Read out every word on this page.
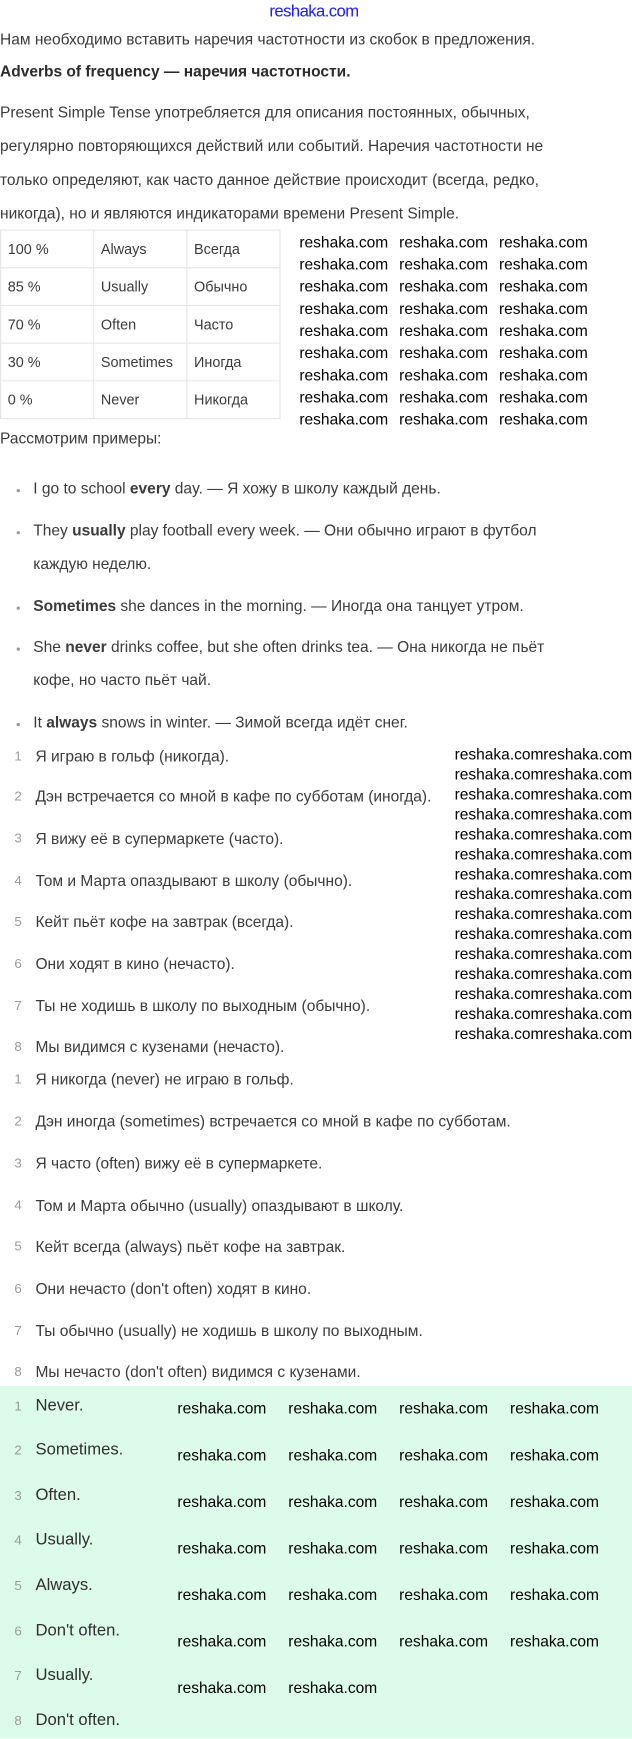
reshaka.com
Нам необходимо вставить наречия частотности из скобок в предложения.
Adverbs of frequency — наречия частотности.
Present Simple Tense употребляется для описания постоянных, обычных,
регулярно повторяющихся действий или событий. Наречия частотности не
только определяют, как часто данное действие происходит (всегда, редко,
никогда), но и являются индикаторами времени Present Simple.
100 %	Always	Всегда
85 %	Usually	Обычно
70 %	Often	Часто
30 %	Sometimes	Иногда
0 %	Never	Никогда
Рассмотрим примеры:
I go to school every day. — Я хожу в школу каждый день.
They usually play football every week. — Они обычно играют в футбол
каждую неделю.
Sometimes she dances in the morning. — Иногда она танцует утром.
She never drinks coffee, but she often drinks tea. — Она никогда не пьёт
кофе, но часто пьёт чай.
It always snows in winter. — Зимой всегда идёт снег.
1 Я играю в гольф (никогда).
2 Дэн встречается со мной в кафе по субботам (иногда).
3 Я вижу её в супермаркете (часто).
4 Том и Марта опаздывают в школу (обычно).
5 Кейт пьёт кофе на завтрак (всегда).
6 Они ходят в кино (нечасто).
7 Ты не ходишь в школу по выходным (обычно).
8 Мы видимся с кузенами (нечасто).
1 Я никогда (never) не играю в гольф.
2 Дэн иногда (sometimes) встречается со мной в кафе по субботам.
3 Я часто (often) вижу её в супермаркете.
4 Том и Марта обычно (usually) опаздывают в школу.
5 Кейт всегда (always) пьёт кофе на завтрак.
6 Они нечасто (don't often) ходят в кино.
7 Ты обычно (usually) не ходишь в школу по выходным.
8 Мы нечасто (don't often) видимся с кузенами.
1 Never.
2 Sometimes.
3 Often.
4 Usually.
5 Always.
6 Don't often.
7 Usually.
8 Don't often.
reshaka.com
reshaka.com
reshaka.com
reshaka.com
reshaka.com
reshaka.com
reshaka.com
reshaka.com
reshaka.com
reshaka.com
reshaka.com
reshaka.com
reshaka.com
reshaka.com
reshaka.com
reshaka.com
reshaka.com
reshaka.com
reshaka.com
reshaka.com
reshaka.com
reshaka.com
reshaka.com
reshaka.com
reshaka.com
reshaka.com
reshaka.com
reshaka.com
reshaka.com
reshaka.com
reshaka.com
reshaka.com
reshaka.com
reshaka.com
reshaka.com
reshaka.com
reshaka.com
reshaka.com
reshaka.com
reshaka.com
reshaka.com
reshaka.com
reshaka.com
reshaka.com
reshaka.com
reshaka.com
reshaka.com
reshaka.com
reshaka.com
reshaka.com
reshaka.com
reshaka.com
reshaka.com
reshaka.com
reshaka.com
reshaka.com
reshaka.com
reshaka.com reshaka.com reshaka.com reshaka.com
reshaka.com reshaka.com reshaka.com reshaka.com
reshaka.com reshaka.com reshaka.com reshaka.com
reshaka.com reshaka.com reshaka.com reshaka.com
reshaka.com reshaka.com reshaka.com reshaka.com
reshaka.com reshaka.com reshaka.com reshaka.com
reshaka.com reshaka.com
